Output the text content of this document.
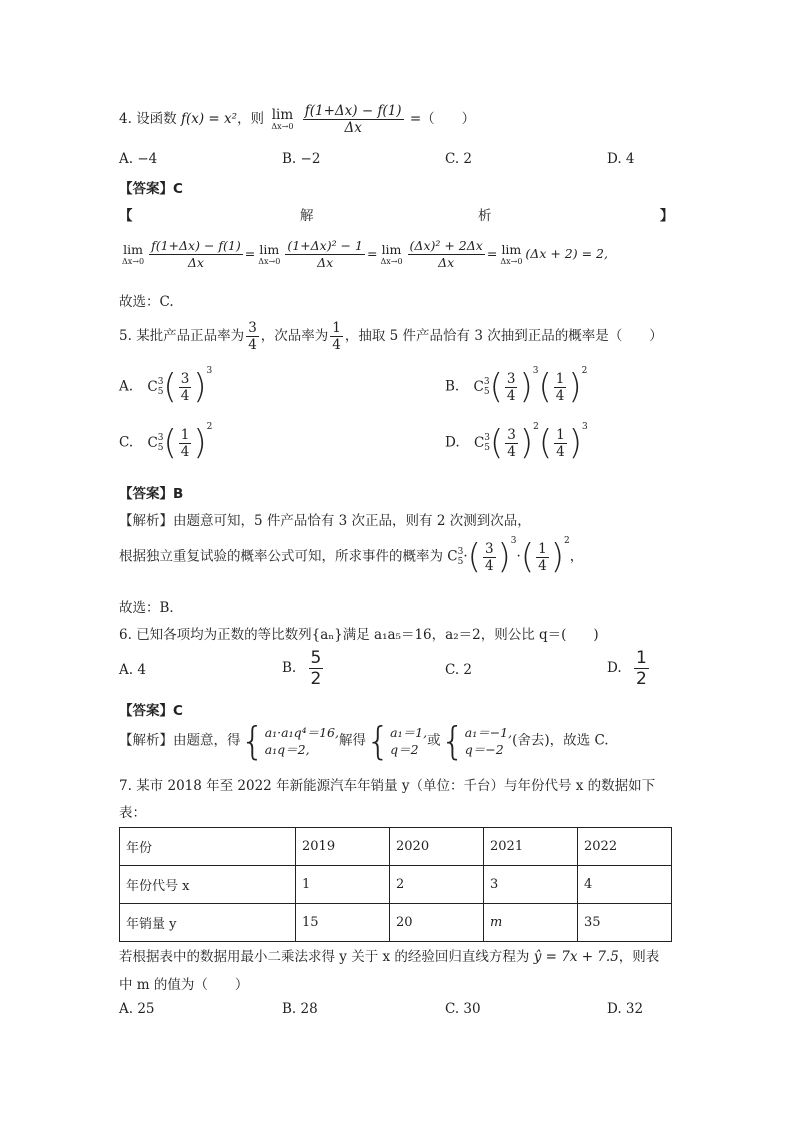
4. 设函数 f(x) = x²，则 lim
Δx→0
$\frac{f(1+\Delta x) - f(1)}{\Delta x}$ =（　　）
A. −4	B. −2	C. 2	D. 4
【答案】C
【	解	析	】
lim
$\Delta x\to 0 \frac{f(1+\Delta x) - f(1)}{\Delta x} = \lim$
$\Delta x\to 0 \frac{\text{(1+Δx)² − 1}}{\Delta x} = \lim$
$\Delta x\to 0 \frac{\text{(Δx)² + 2Δx}}{\Delta x} = \lim$
Δx→0
(Δx + 2) = 2,
故选：C.
5. 某批产品正品率为 $\frac{3}{4}$ ，次品率为 $\frac{1}{4}$ ，抽取 5 件产品恰有 3 次抽到正品的概率是（　　）
A. C 3
5 ( $\frac{3}{4} )^3$
B. C 3
5 ( $\frac{3}{4} )^3( \frac{1}{4} )^2$
C. C 3
5 ( $\frac{1}{4} )^2$
D. C 3
5 ( $\frac{3}{4} )^2( \frac{1}{4} )^3$
【答案】B
【解析】由题意可知，5 件产品恰有 3 次正品，则有 2 次测到次品，
根据独立重复试验的概率公式可知，所求事件的概率为 C 3
5 ·( $\frac{3}{4} )^3\cdot( \frac{1}{4} )^2$，
故选：B．
6. 已知各项均为正数的等比数列{aₙ}满足 a₁a₅＝16，a₂＝2，则公比 q＝(　　)
A. 4	B. $\frac{5}{2}$	C. 2	D. $\frac{1}{2}$
【答案】C
【解析】由题意，得{ a₁·a₁q⁴＝16,
a₁q＝2,
解得{ a₁＝1,
q＝2
或{ a₁＝−1,
q＝−2
(舍去)，故选 C.
7. 某市 2018 年至 2022 年新能源汽车年销量 y（单位：千台）与年份代号 x 的数据如下
表：
年份	2019	2020	2021	2022
年份代号 x	1	2	3	4
年销量 y	15	20	m	35
若根据表中的数据用最小二乘法求得 y 关于 x 的经验回归直线方程为 ŷ = 7x + 7.5，则表
中 m 的值为（　　）
A. 25	B. 28	C. 30	D. 32
